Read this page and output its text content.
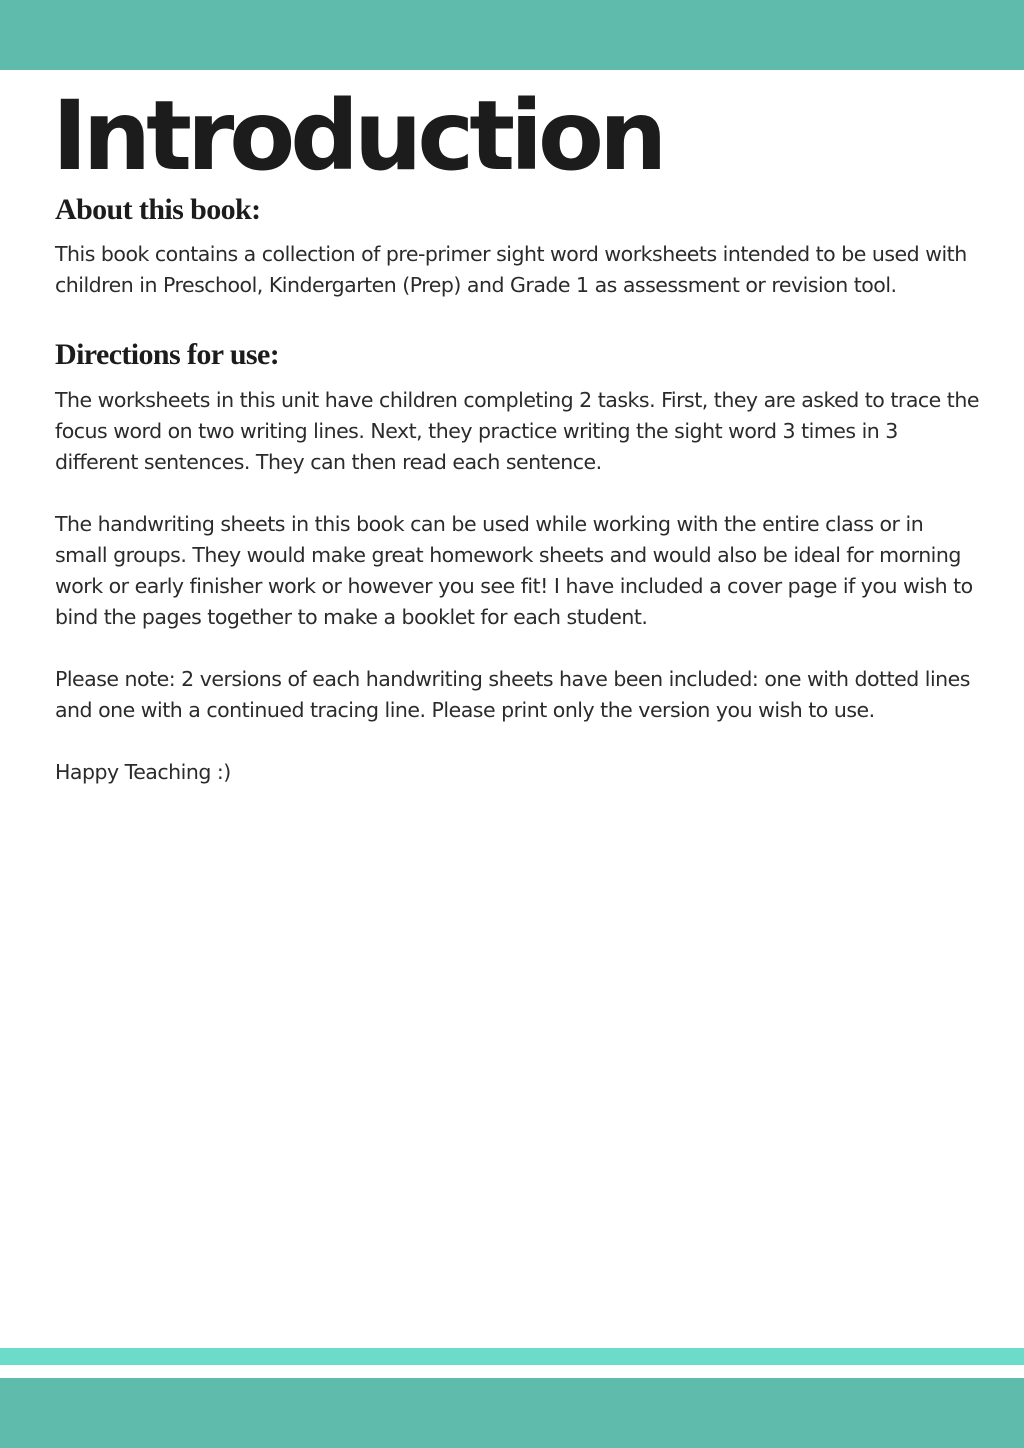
Introduction
About this book:

This book contains a collection of pre-primer sight word worksheets intended to be used with children in Preschool, Kindergarten (Prep) and Grade 1 as assessment or revision tool.

Directions for use:

The worksheets in this unit have children completing 2 tasks. First, they are asked to trace the focus word on two writing lines. Next, they practice writing the sight word 3 times in 3 different sentences. They can then read each sentence.

The handwriting sheets in this book can be used while working with the entire class or in small groups. They would make great homework sheets and would also be ideal for morning work or early finisher work or however you see fit! I have included a cover page if you wish to bind the pages together to make a booklet for each student.

Please note: 2 versions of each handwriting sheets have been included: one with dotted lines and one with a continued tracing line. Please print only the version you wish to use.

Happy Teaching :)
